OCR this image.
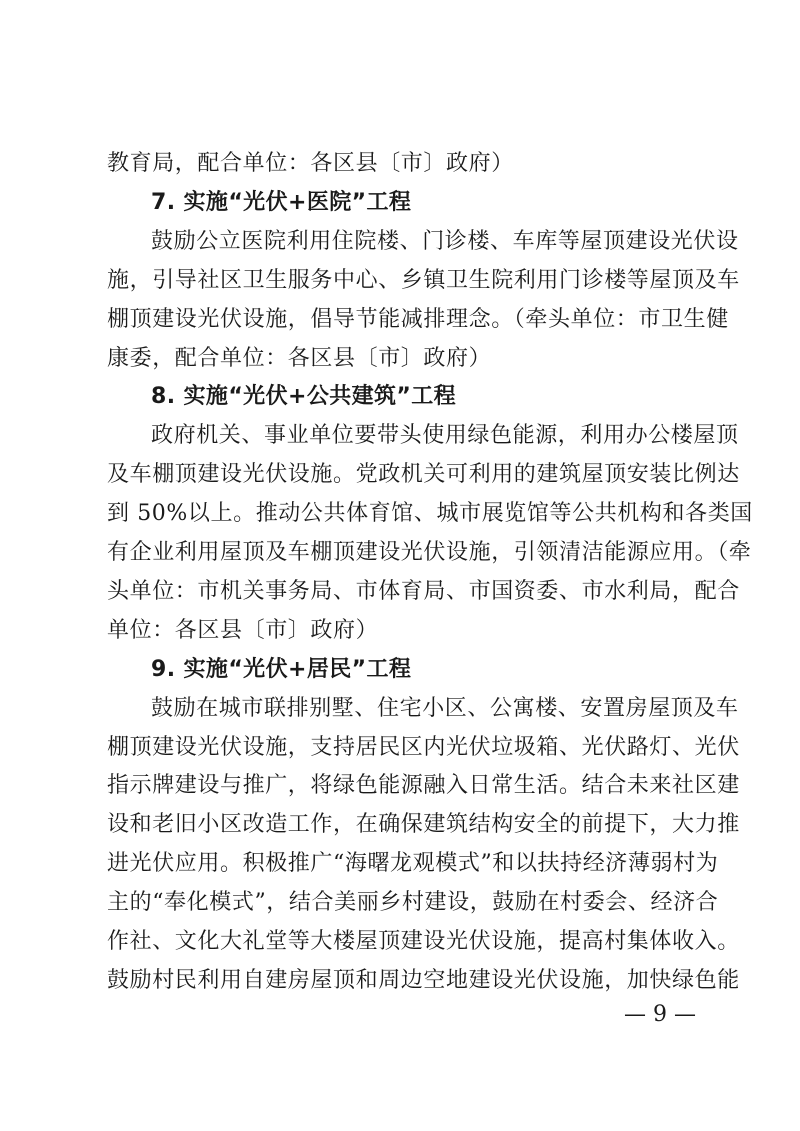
教育局，配合单位：各区县〔市〕政府）
7. 实施“光伏+医院”工程
鼓励公立医院利用住院楼、门诊楼、车库等屋顶建设光伏设
施，引导社区卫生服务中心、乡镇卫生院利用门诊楼等屋顶及车
棚顶建设光伏设施，倡导节能减排理念。（牵头单位：市卫生健
康委，配合单位：各区县〔市〕政府）
8. 实施“光伏+公共建筑”工程
政府机关、事业单位要带头使用绿色能源，利用办公楼屋顶
及车棚顶建设光伏设施。党政机关可利用的建筑屋顶安装比例达
到 50%以上。推动公共体育馆、城市展览馆等公共机构和各类国
有企业利用屋顶及车棚顶建设光伏设施，引领清洁能源应用。（牵
头单位：市机关事务局、市体育局、市国资委、市水利局，配合
单位：各区县〔市〕政府）
9. 实施“光伏+居民”工程
鼓励在城市联排别墅、住宅小区、公寓楼、安置房屋顶及车
棚顶建设光伏设施，支持居民区内光伏垃圾箱、光伏路灯、光伏
指示牌建设与推广，将绿色能源融入日常生活。结合未来社区建
设和老旧小区改造工作，在确保建筑结构安全的前提下，大力推
进光伏应用。积极推广“海曙龙观模式”和以扶持经济薄弱村为
主的“奉化模式”，结合美丽乡村建设，鼓励在村委会、经济合
作社、文化大礼堂等大楼屋顶建设光伏设施，提高村集体收入。
鼓励村民利用自建房屋顶和周边空地建设光伏设施，加快绿色能
— 9 —
